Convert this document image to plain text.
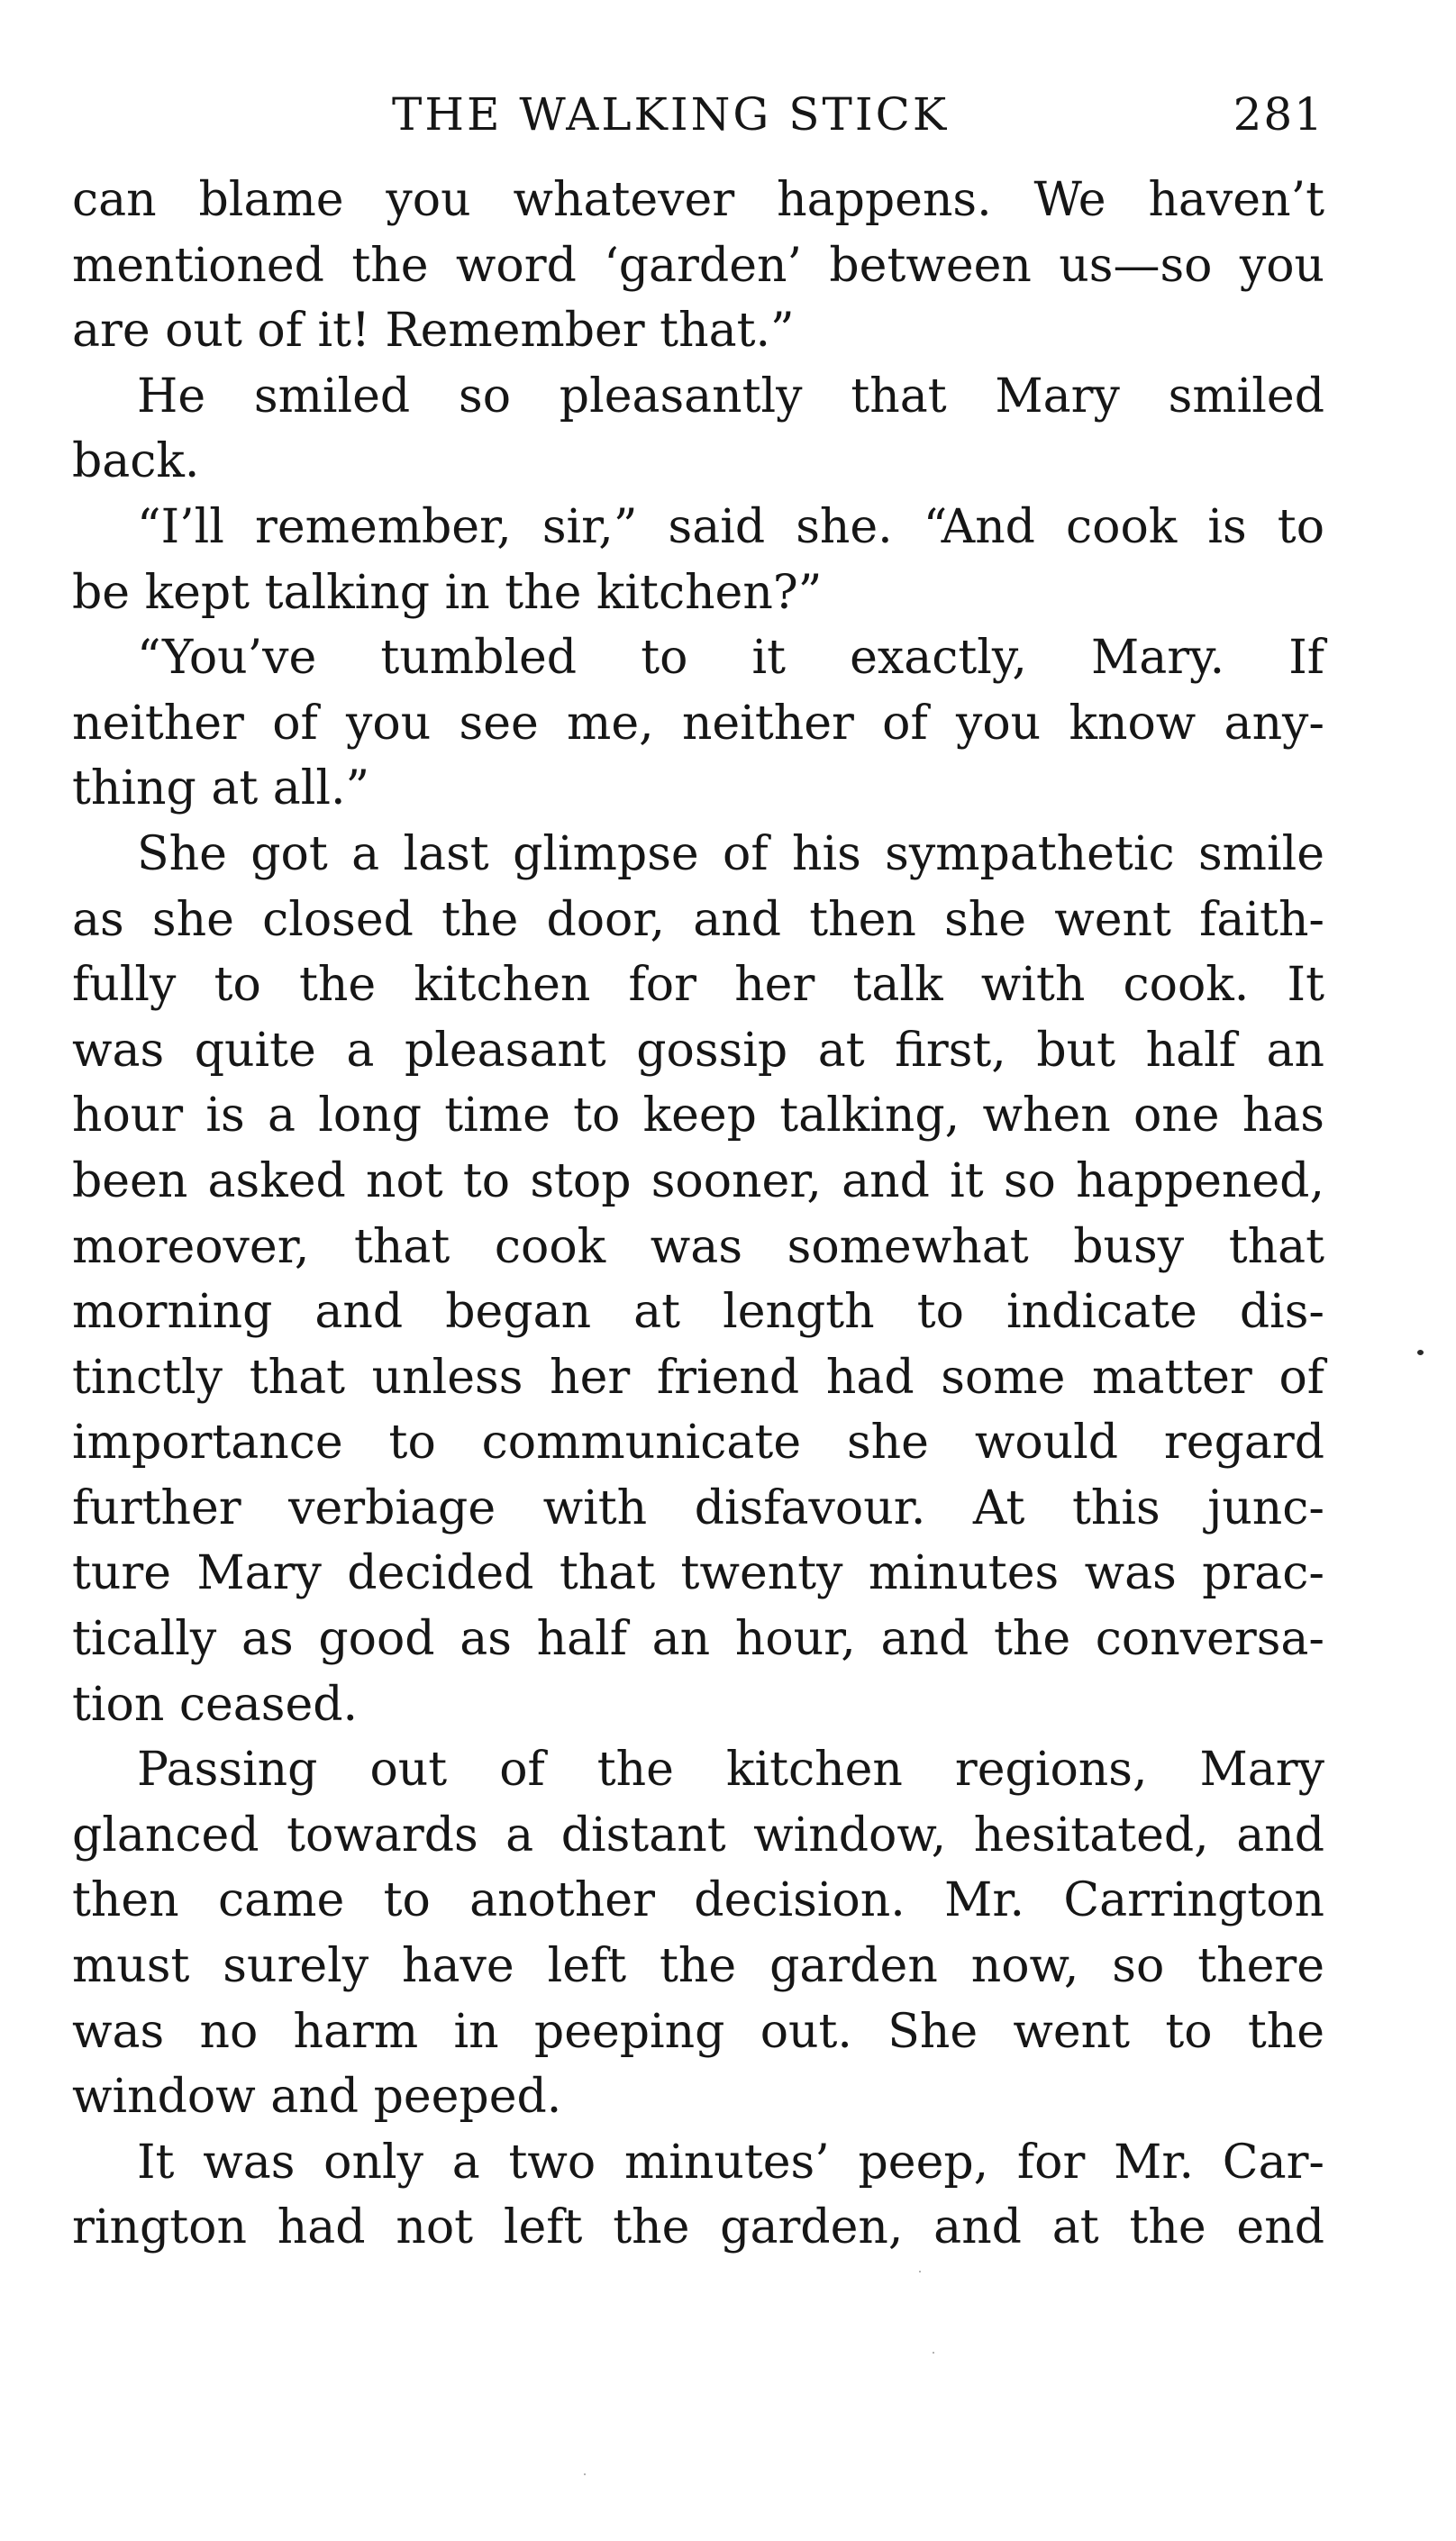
THE WALKING STICK	281
can blame you whatever happens. We haven’t
mentioned the word ‘garden’ between us—so you
are out of it! Remember that.”
He smiled so pleasantly that Mary smiled
back.
“I’ll remember, sir,” said she. “And cook is to
be kept talking in the kitchen?”
“You’ve tumbled to it exactly, Mary. If
neither of you see me, neither of you know any-
thing at all.”
She got a last glimpse of his sympathetic smile
as she closed the door, and then she went faith-
fully to the kitchen for her talk with cook. It
was quite a pleasant gossip at first, but half an
hour is a long time to keep talking, when one has
been asked not to stop sooner, and it so happened,
moreover, that cook was somewhat busy that
morning and began at length to indicate dis-
tinctly that unless her friend had some matter of
importance to communicate she would regard
further verbiage with disfavour. At this junc-
ture Mary decided that twenty minutes was prac-
tically as good as half an hour, and the conversa-
tion ceased.
Passing out of the kitchen regions, Mary
glanced towards a distant window, hesitated, and
then came to another decision. Mr. Carrington
must surely have left the garden now, so there
was no harm in peeping out. She went to the
window and peeped.
It was only a two minutes’ peep, for Mr. Car-
rington had not left the garden, and at the end
